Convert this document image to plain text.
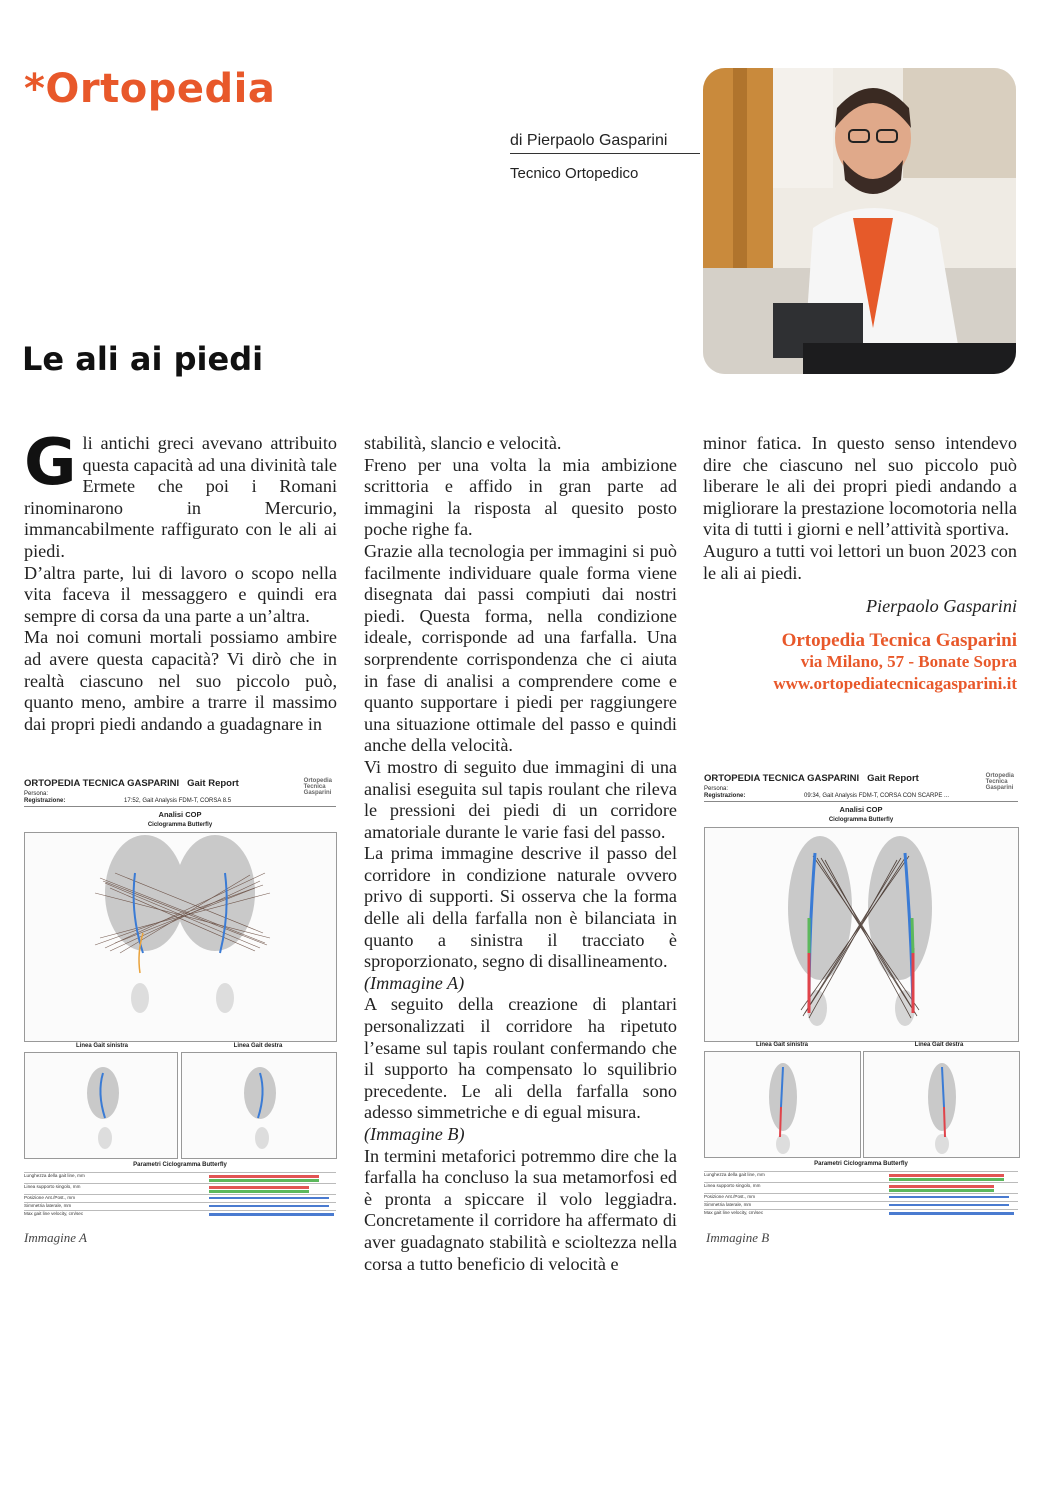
*Ortopedia
di Pierpaolo Gasparini
Tecnico Ortopedico
Le ali ai piedi
G li antichi greci avevano attribuito questa capacità ad una divinità tale Ermete che poi i Romani rinominarono in Mercurio, immancabilmente raffigurato con le ali ai piedi.

D’altra parte, lui di lavoro o scopo nella vita faceva il messaggero e quindi era sempre di corsa da una parte a un’altra.

Ma noi comuni mortali possiamo ambire ad avere questa capacità? Vi dirò che in realtà ciascuno nel suo piccolo può, quanto meno, ambire a trarre il massimo dai propri piedi andando a guadagnare in

stabilità, slancio e velocità.

Freno per una volta la mia ambizione scrittoria e affido in gran parte ad immagini la risposta al quesito posto poche righe fa.

Grazie alla tecnologia per immagini si può facilmente individuare quale forma viene disegnata dai passi compiuti dai nostri piedi. Questa forma, nella condizione ideale, corrisponde ad una farfalla. Una sorprendente corrispondenza che ci aiuta in fase di analisi a comprendere come e quanto supportare i piedi per raggiungere una situazione ottimale del passo e quindi anche della velocità.

Vi mostro di seguito due immagini di una analisi eseguita sul tapis roulant che rileva le pressioni dei piedi di un corridore amatoriale durante le varie fasi del passo.

La prima immagine descrive il passo del corridore in condizione naturale ovvero privo di supporti. Si osserva che la forma delle ali della farfalla non è bilanciata in quanto a sinistra il tracciato è sproporzionato, segno di disallineamento.

(Immagine A)

A seguito della creazione di plantari personalizzati il corridore ha ripetuto l’esame sul tapis roulant confermando che il supporto ha compensato lo squilibrio precedente. Le ali della farfalla sono adesso simmetriche e di egual misura.

(Immagine B)

In termini metaforici potremmo dire che la farfalla ha concluso la sua metamorfosi ed è pronta a spiccare il volo leggiadra. Concretamente il corridore ha affermato di aver guadagnato stabilità e scioltezza nella corsa a tutto beneficio di velocità e

minor fatica. In questo senso intendevo dire che ciascuno nel suo piccolo può liberare le ali dei propri piedi andando a migliorare la prestazione locomotoria nella vita di tutti i giorni e nell’attività sportiva.

Auguro a tutti voi lettori un buon 2023 con le ali ai piedi.

Pierpaolo Gasparini

Ortopedia Tecnica Gasparini
via Milano, 57 - Bonate Sopra
www.ortopediatecnicagasparini.it
ORTOPEDIA TECNICA GASPARINI Gait Report
Persona:
Registrazione:	17:52, Gait Analysis FDM-T, CORSA 8.5
Ortopedia
Tecnica
Gasparini
Analisi COP
Ciclogramma Butterfly
Linea Gait sinistra	Linea Gait destra
Parametri Ciclogramma Butterfly
Lunghezza della gait line, mm
Linea supporto singolo, mm
Posizione Ant./Post., mm
Simmetria laterale, mm
Max gait line velocity, cm/sec
Immagine A
ORTOPEDIA TECNICA GASPARINI Gait Report
Persona:
Registrazione:	09:34, Gait Analysis FDM-T, CORSA CON SCARPE ...
Ortopedia
Tecnica
Gasparini
Analisi COP
Ciclogramma Butterfly
Linea Gait sinistra	Linea Gait destra
Parametri Ciclogramma Butterfly
Lunghezza della gait line, mm
Linea supporto singolo, mm
Posizione Ant./Post., mm
Simmetria laterale, mm
Max gait line velocity, cm/sec
Immagine B
